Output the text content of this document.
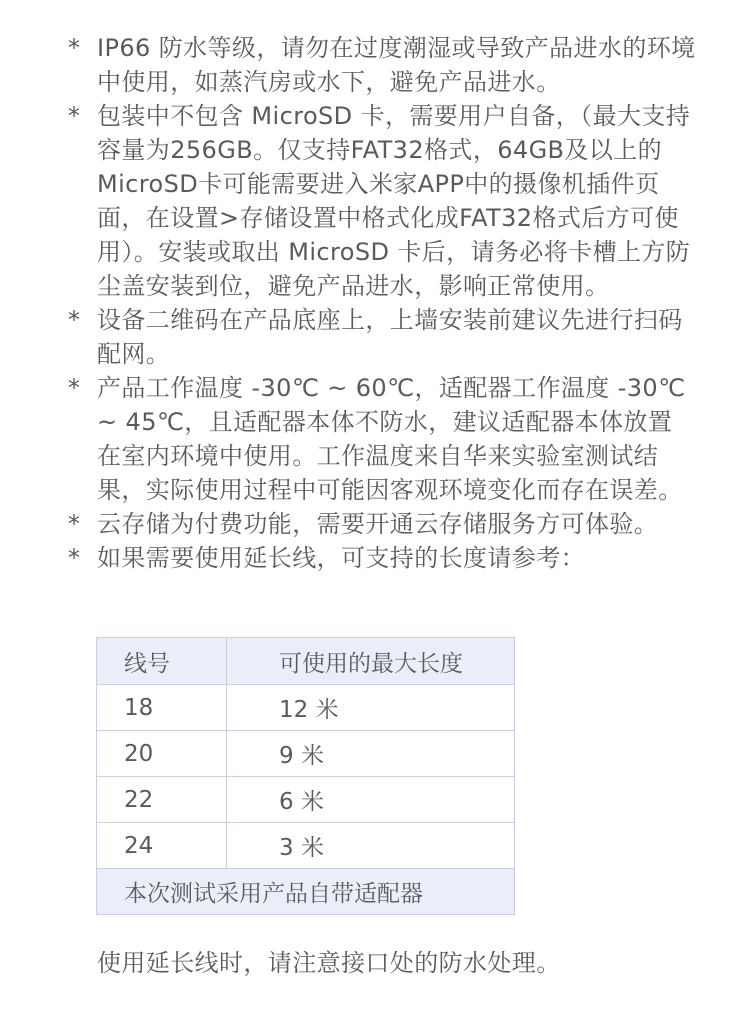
* IP66 防水等级，请勿在过度潮湿或导致产品进水的环境中使用，如蒸汽房或水下，避免产品进水。
* 包装中不包含 MicroSD 卡，需要用户自备，（最大支持容量为256GB。仅支持FAT32格式，64GB及以上的MicroSD卡可能需要进入米家APP中的摄像机插件页面，在设置>存储设置中格式化成FAT32格式后方可使用）。安装或取出 MicroSD 卡后，请务必将卡槽上方防尘盖安装到位，避免产品进水，影响正常使用。
* 设备二维码在产品底座上，上墙安装前建议先进行扫码配网。
* 产品工作温度 -30℃ ~ 60℃，适配器工作温度 -30℃ ~ 45℃，且适配器本体不防水，建议适配器本体放置在室内环境中使用。工作温度来自华来实验室测试结果，实际使用过程中可能因客观环境变化而存在误差。
* 云存储为付费功能，需要开通云存储服务方可体验。
* 如果需要使用延长线，可支持的长度请参考：
线号	可使用的最大长度
18	12 米
20	9 米
22	6 米
24	3 米
本次测试采用产品自带适配器	
使用延长线时，请注意接口处的防水处理。
